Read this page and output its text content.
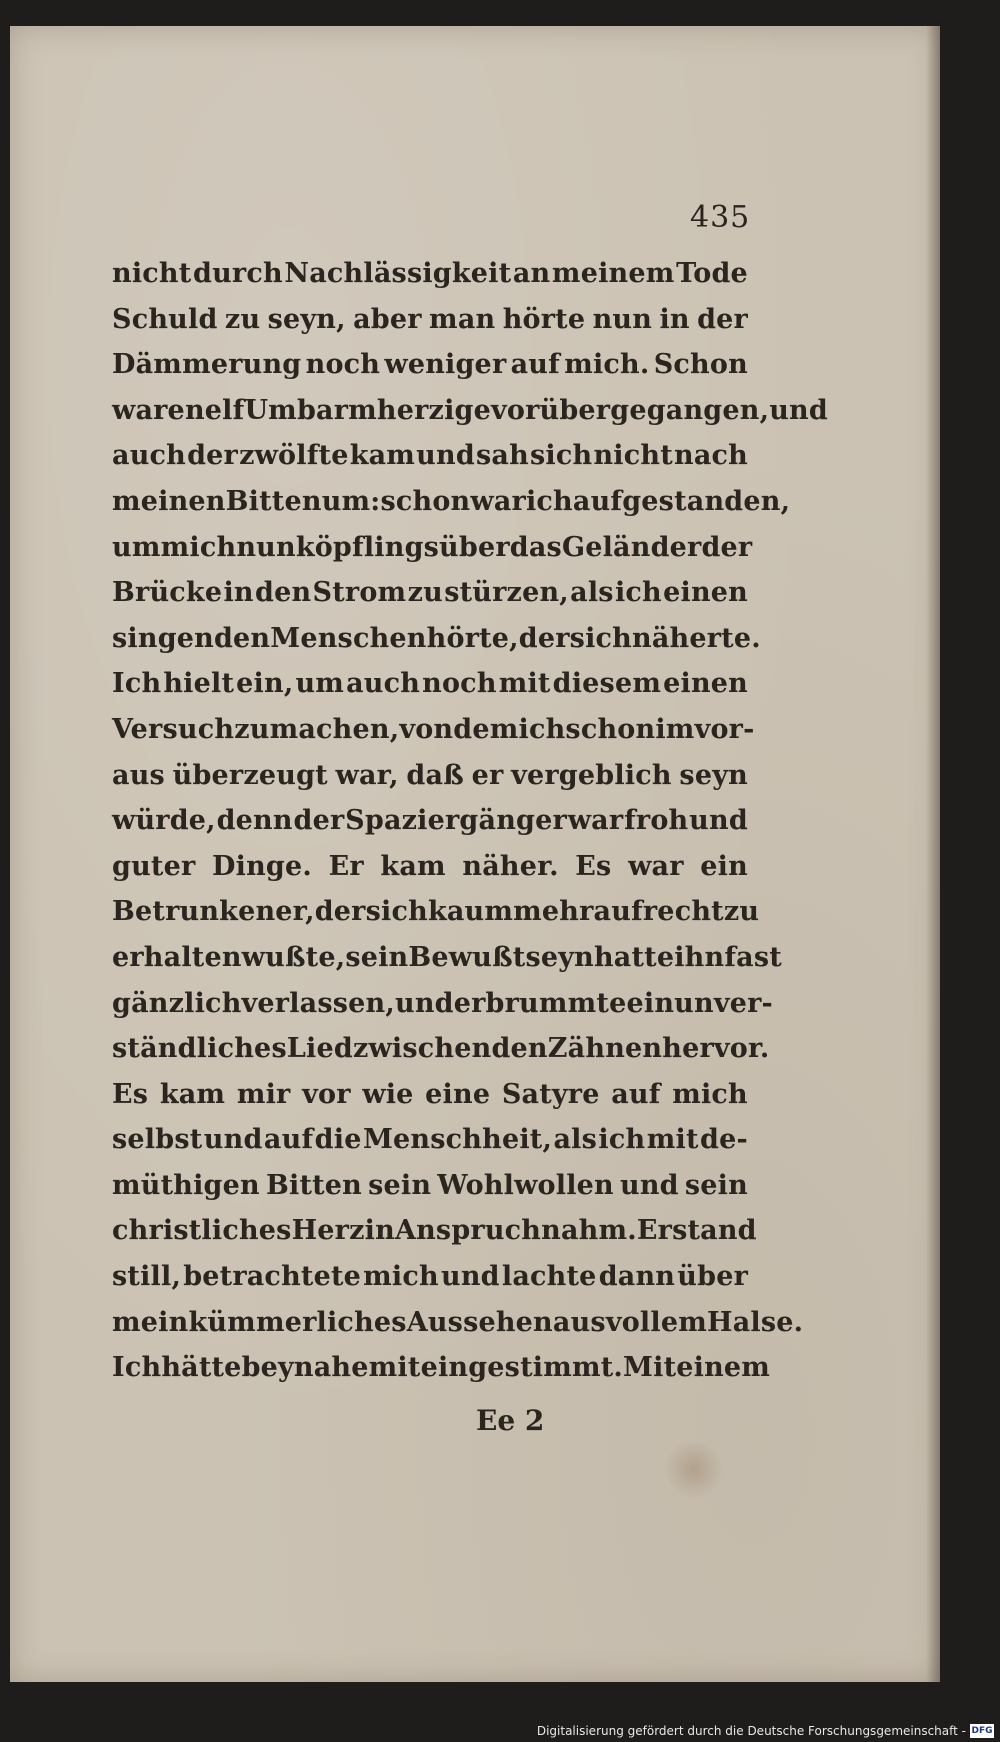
435
nicht durch Nachlässigkeit an meinem Tode
Schuld zu seyn, aber man hörte nun in der
Dämmerung noch weniger auf mich. Schon
waren elf Umbarmherzige vorübergegangen, und
auch der zwölfte kam und sah sich nicht nach
meinen Bitten um: schon war ich aufgestanden,
um mich nun köpflings über das Geländer der
Brücke in den Strom zu stürzen, als ich einen
singenden Menschen hörte, der sich näherte.
Ich hielt ein, um auch noch mit diesem einen
Versuch zu machen, von dem ich schon im vor-
aus überzeugt war, daß er vergeblich seyn
würde, denn der Spaziergänger war froh und
guter Dinge. Er kam näher. Es war ein
Betrunkener, der sich kaum mehr aufrecht zu
erhalten wußte, sein Bewußtseyn hatte ihn fast
gänzlich verlassen, und er brummte ein unver-
ständliches Lied zwischen den Zähnen hervor.
Es kam mir vor wie eine Satyre auf mich
selbst und auf die Menschheit, als ich mit de-
müthigen Bitten sein Wohlwollen und sein
christliches Herz in Anspruch nahm. Er stand
still, betrachtete mich und lachte dann über
mein kümmerliches Aussehen aus vollem Halse.
Ich hätte beynahe mit eingestimmt. Mit einem
Ee 2
Digitalisierung gefördert durch die Deutsche Forschungsgemeinschaft - DFG
